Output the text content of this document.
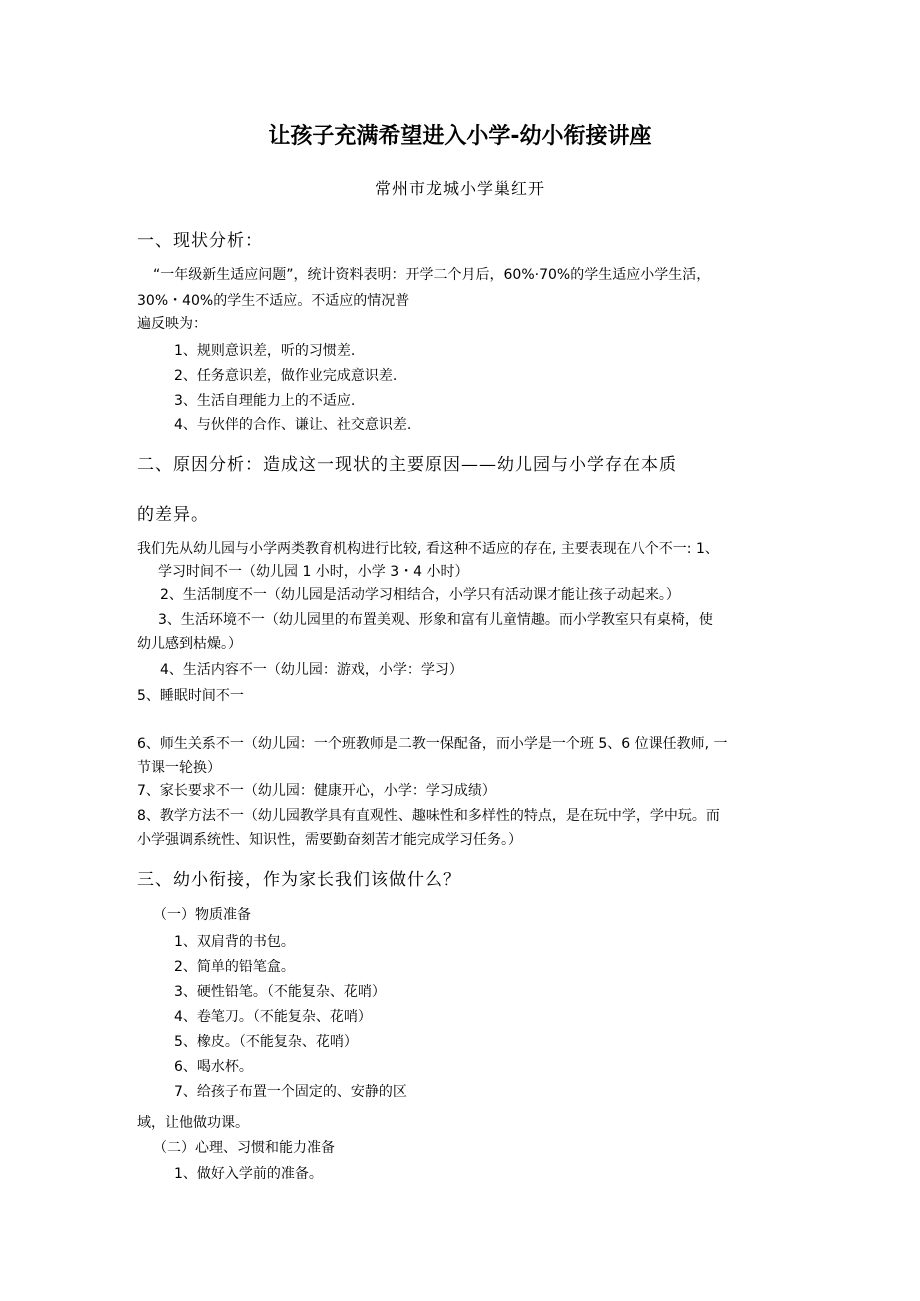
让孩子充满希望进入小学-幼小衔接讲座
常州市龙城小学巢红开
一、现状分析：
“一年级新生适应问题”，统计资料表明：开学二个月后，60%·70%的学生适应小学生活，
30%・40%的学生不适应。不适应的情况普
遍反映为：
1、规则意识差，听的习惯差.
2、任务意识差，做作业完成意识差.
3、生活自理能力上的不适应.
4、与伙伴的合作、谦让、社交意识差.
二、原因分析：造成这一现状的主要原因——幼儿园与小学存在本质
的差异。
我们先从幼儿园与小学两类教育机构进行比较, 看这种不适应的存在, 主要表现在八个不一: 1、
学习时间不一（幼儿园 1 小时，小学 3・4 小时）
2、生活制度不一（幼儿园是活动学习相结合，小学只有活动课才能让孩子动起来。）
3、生活环境不一（幼儿园里的布置美观、形象和富有儿童情趣。而小学教室只有桌椅，使
幼儿感到枯燥。）
4、生活内容不一（幼儿园：游戏，小学：学习）
5、睡眠时间不一
6、师生关系不一（幼儿园：一个班教师是二教一保配备，而小学是一个班 5、6 位课任教师, 一
节课一轮换）
7、家长要求不一（幼儿园：健康开心，小学：学习成绩）
8、教学方法不一（幼儿园教学具有直观性、趣味性和多样性的特点，是在玩中学，学中玩。而
小学强调系统性、知识性，需要勤奋刻苦才能完成学习任务。）
三、幼小衔接，作为家长我们该做什么？
（一）物质准备
1、双肩背的书包。
2、简单的铅笔盒。
3、硬性铅笔。（不能复杂、花哨）
4、卷笔刀。（不能复杂、花哨）
5、橡皮。（不能复杂、花哨）
6、喝水杯。
7、给孩子布置一个固定的、安静的区
域，让他做功课。
（二）心理、习惯和能力准备
1、做好入学前的准备。
